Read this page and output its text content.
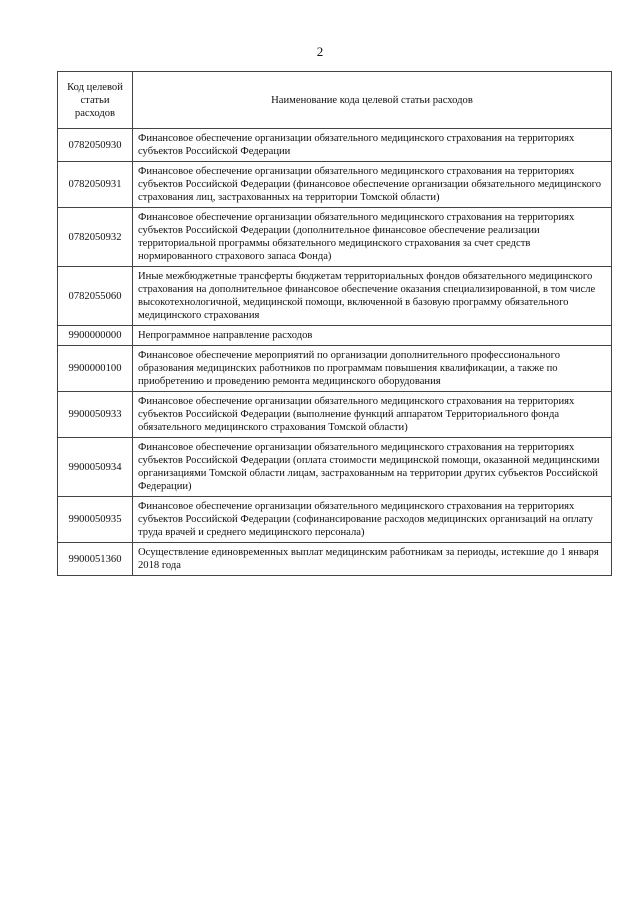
2
Код целевой статьи расходов	Наименование кода целевой статьи расходов
0782050930	Финансовое обеспечение организации обязательного медицинского страхования на территориях субъектов Российской Федерации
0782050931	Финансовое обеспечение организации обязательного медицинского страхования на территориях субъектов Российской Федерации (финансовое обеспечение организации обязательного медицинского страхования лиц, застрахованных на территории Томской области)
0782050932	Финансовое обеспечение организации обязательного медицинского страхования на территориях субъектов Российской Федерации (дополнительное финансовое обеспечение реализации территориальной программы обязательного медицинского страхования за счет средств нормированного страхового запаса Фонда)
0782055060	Иные межбюджетные трансферты бюджетам территориальных фондов обязательного медицинского страхования на дополнительное финансовое обеспечение оказания специализированной, в том числе высокотехнологичной, медицинской помощи, включенной в базовую программу обязательного медицинского страхования
9900000000	Непрограммное направление расходов
9900000100	Финансовое обеспечение мероприятий по организации дополнительного профессионального образования медицинских работников по программам повышения квалификации, а также по приобретению и проведению ремонта медицинского оборудования
9900050933	Финансовое обеспечение организации обязательного медицинского страхования на территориях субъектов Российской Федерации (выполнение функций аппаратом Территориального фонда обязательного медицинского страхования Томской области)
9900050934	Финансовое обеспечение организации обязательного медицинского страхования на территориях субъектов Российской Федерации (оплата стоимости медицинской помощи, оказанной медицинскими организациями Томской области лицам, застрахованным на территории других субъектов Российской Федерации)
9900050935	Финансовое обеспечение организации обязательного медицинского страхования на территориях субъектов Российской Федерации (софинансирование расходов медицинских организаций на оплату труда врачей и среднего медицинского персонала)
9900051360	Осуществление единовременных выплат медицинским работникам за периоды, истекшие до 1 января 2018 года
